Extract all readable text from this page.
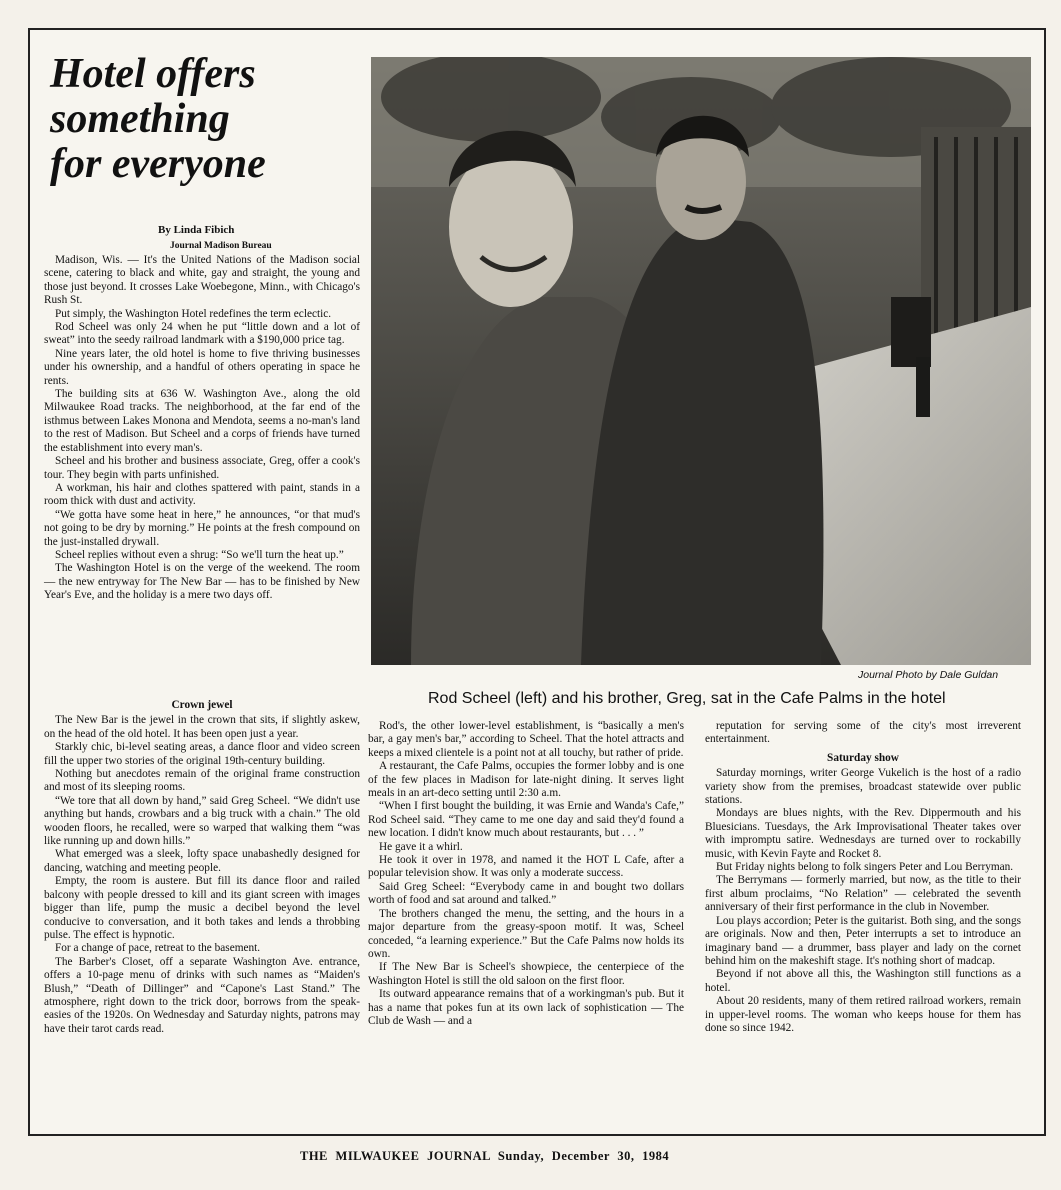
Hotel offers
something
for everyone
By Linda Fibich
Journal Madison Bureau

Madison, Wis. — It's the United Nations of the Madison social scene, catering to black and white, gay and straight, the young and those just beyond. It crosses Lake Woebegone, Minn., with Chicago's Rush St.

Put simply, the Washington Hotel redefines the term eclectic.

Rod Scheel was only 24 when he put “little down and a lot of sweat” into the seedy railroad landmark with a $190,000 price tag.

Nine years later, the old hotel is home to five thriving businesses under his ownership, and a handful of others operating in space he rents.

The building sits at 636 W. Washington Ave., along the old Milwaukee Road tracks. The neighborhood, at the far end of the isthmus between Lakes Monona and Mendota, seems a no-man's land to the rest of Madison. But Scheel and a corps of friends have turned the establishment into every man's.

Scheel and his brother and business associate, Greg, offer a cook's tour. They begin with parts unfinished.

A workman, his hair and clothes spattered with paint, stands in a room thick with dust and activity.

“We gotta have some heat in here,” he announces, “or that mud's not going to be dry by morning.” He points at the fresh compound on the just-installed drywall.

Scheel replies without even a shrug: “So we'll turn the heat up.”

The Washington Hotel is on the verge of the weekend. The room — the new entryway for The New Bar — has to be finished by New Year's Eve, and the holiday is a mere two days off.

Journal Photo by Dale Guldan
Rod Scheel (left) and his brother, Greg, sat in the Cafe Palms in the hotel

Crown jewel

The New Bar is the jewel in the crown that sits, if slightly askew, on the head of the old hotel. It has been open just a year.

Starkly chic, bi-level seating areas, a dance floor and video screen fill the upper two stories of the original 19th-century building.

Nothing but anecdotes remain of the original frame construction and most of its sleeping rooms.

“We tore that all down by hand,” said Greg Scheel. “We didn't use anything but hands, crowbars and a big truck with a chain.” The old wooden floors, he recalled, were so warped that walking them “was like running up and down hills.”

What emerged was a sleek, lofty space unabashedly designed for dancing, watching and meeting people.

Empty, the room is austere. But fill its dance floor and railed balcony with people dressed to kill and its giant screen with images bigger than life, pump the music a decibel beyond the level conducive to conversation, and it both takes and lends a throbbing pulse. The effect is hypnotic.

For a change of pace, retreat to the basement.

The Barber's Closet, off a separate Washington Ave. entrance, offers a 10-page menu of drinks with such names as “Maiden's Blush,” “Death of Dillinger” and “Capone's Last Stand.” The atmosphere, right down to the trick door, borrows from the speak-easies of the 1920s. On Wednesday and Saturday nights, patrons may have their tarot cards read.

Rod's, the other lower-level establishment, is “basically a men's bar, a gay men's bar,” according to Scheel. That the hotel attracts and keeps a mixed clientele is a point not at all touchy, but rather of pride.

A restaurant, the Cafe Palms, occupies the former lobby and is one of the few places in Madison for late-night dining. It serves light meals in an art-deco setting until 2:30 a.m.

“When I first bought the building, it was Ernie and Wanda's Cafe,” Rod Scheel said. “They came to me one day and said they'd found a new location. I didn't know much about restaurants, but . . . ”

He gave it a whirl.

He took it over in 1978, and named it the HOT L Cafe, after a popular television show. It was only a moderate success.

Said Greg Scheel: “Everybody came in and bought two dollars worth of food and sat around and talked.”

The brothers changed the menu, the setting, and the hours in a major departure from the greasy-spoon motif. It was, Scheel conceded, “a learning experience.” But the Cafe Palms now holds its own.

If The New Bar is Scheel's showpiece, the centerpiece of the Washington Hotel is still the old saloon on the first floor.

Its outward appearance remains that of a workingman's pub. But it has a name that pokes fun at its own lack of sophistication — The Club de Wash — and a

reputation for serving some of the city's most irreverent entertainment.

Saturday show

Saturday mornings, writer George Vukelich is the host of a radio variety show from the premises, broadcast statewide over public stations.

Mondays are blues nights, with the Rev. Dippermouth and his Bluesicians. Tuesdays, the Ark Improvisational Theater takes over with impromptu satire. Wednesdays are turned over to rockabilly music, with Kevin Fayte and Rocket 8.

But Friday nights belong to folk singers Peter and Lou Berryman.

The Berrymans — formerly married, but now, as the title to their first album proclaims, “No Relation” — celebrated the seventh anniversary of their first performance in the club in November.

Lou plays accordion; Peter is the guitarist. Both sing, and the songs are originals. Now and then, Peter interrupts a set to introduce an imaginary band — a drummer, bass player and lady on the cornet behind him on the makeshift stage. It's nothing short of madcap.

Beyond if not above all this, the Washington still functions as a hotel.

About 20 residents, many of them retired railroad workers, remain in upper-level rooms. The woman who keeps house for them has done so since 1942.

THE MILWAUKEE JOURNAL Sunday, December 30, 1984
